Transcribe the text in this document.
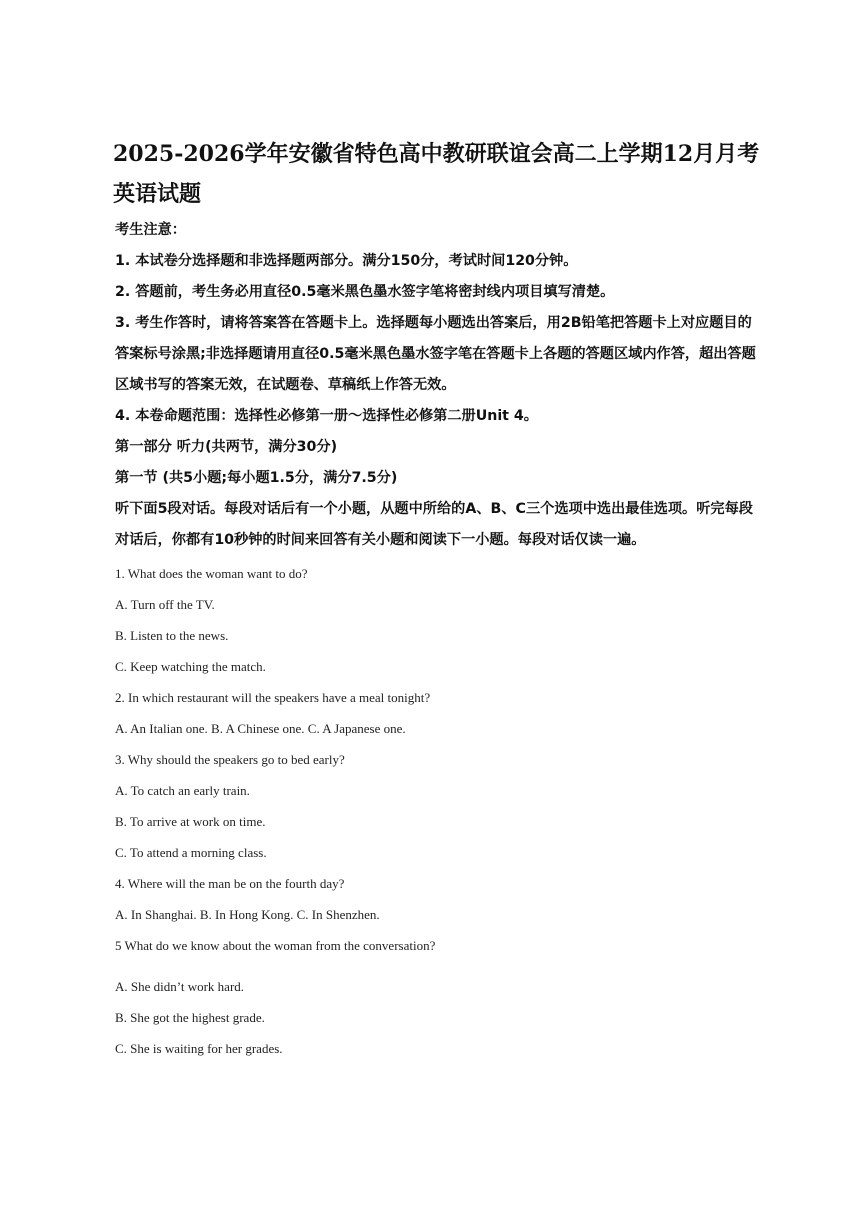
2025-2026学年安徽省特色高中教研联谊会高二上学期12月月考英语试题

考生注意：

1. 本试卷分选择题和非选择题两部分。满分150分，考试时间120分钟。

2. 答题前，考生务必用直径0.5毫米黑色墨水签字笔将密封线内项目填写清楚。

3. 考生作答时，请将答案答在答题卡上。选择题每小题选出答案后，用2B铅笔把答题卡上对应题目的答案标号涂黑;非选择题请用直径0.5毫米黑色墨水签字笔在答题卡上各题的答题区域内作答，超出答题区域书写的答案无效，在试题卷、草稿纸上作答无效。

4. 本卷命题范围：选择性必修第一册～选择性必修第二册Unit 4。

第一部分 听力(共两节，满分30分)

第一节 (共5小题;每小题1.5分，满分7.5分)

听下面5段对话。每段对话后有一个小题，从题中所给的A、B、C三个选项中选出最佳选项。听完每段对话后，你都有10秒钟的时间来回答有关小题和阅读下一小题。每段对话仅读一遍。

1. What does the woman want to do?

A. Turn off the TV.

B. Listen to the news.

C. Keep watching the match.

2. In which restaurant will the speakers have a meal tonight?

A. An Italian one. B. A Chinese one. C. A Japanese one.

3. Why should the speakers go to bed early?

A. To catch an early train.

B. To arrive at work on time.

C. To attend a morning class.

4. Where will the man be on the fourth day?

A. In Shanghai. B. In Hong Kong. C. In Shenzhen.

5 What do we know about the woman from the conversation?

A. She didn’t work hard.

B. She got the highest grade.

C. She is waiting for her grades.
